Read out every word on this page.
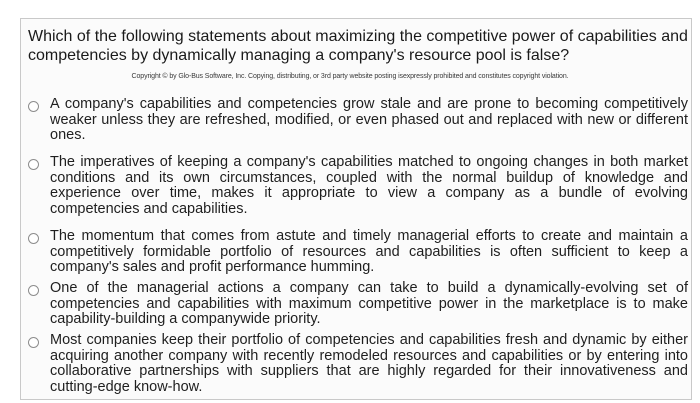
Which of the following statements about maximizing the competitive power of capabilities and competencies by dynamically managing a company's resource pool is false?
Copyright © by Glo-Bus Software, Inc. Copying, distributing, or 3rd party website posting isexpressly prohibited and constitutes copyright violation.
A company's capabilities and competencies grow stale and are prone to becoming competitively weaker unless they are refreshed, modified, or even phased out and replaced with new or different ones.
The imperatives of keeping a company's capabilities matched to ongoing changes in both market conditions and its own circumstances, coupled with the normal buildup of knowledge and experience over time, makes it appropriate to view a company as a bundle of evolving competencies and capabilities.
The momentum that comes from astute and timely managerial efforts to create and maintain a competitively formidable portfolio of resources and capabilities is often sufficient to keep a company's sales and profit performance humming.
One of the managerial actions a company can take to build a dynamically-evolving set of competencies and capabilities with maximum competitive power in the marketplace is to make capability-building a companywide priority.
Most companies keep their portfolio of competencies and capabilities fresh and dynamic by either acquiring another company with recently remodeled resources and capabilities or by entering into collaborative partnerships with suppliers that are highly regarded for their innovativeness and cutting-edge know-how.
